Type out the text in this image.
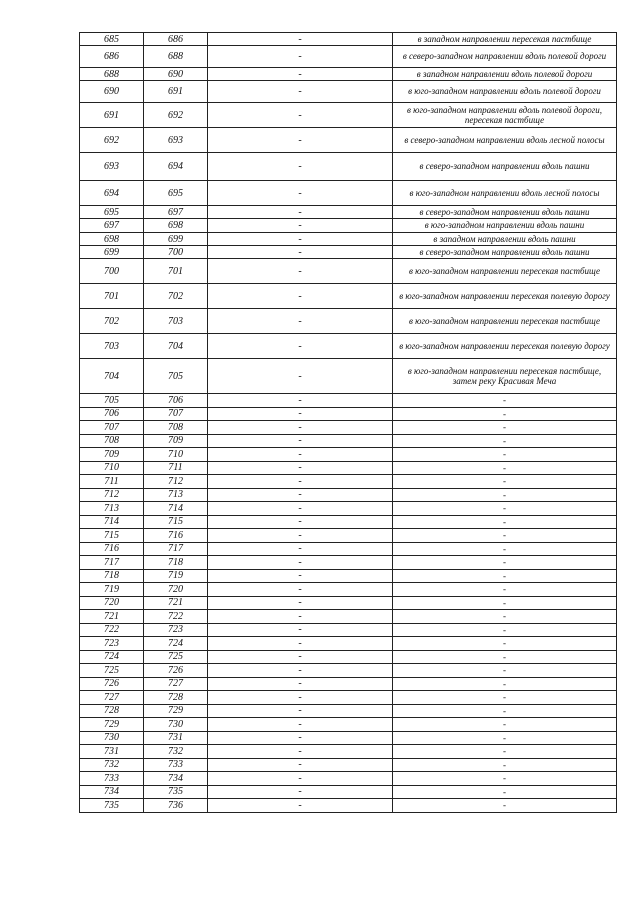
685	686	-	в западном направлении пересекая пастбище
686	688	-	в северо-западном направлении вдоль полевой дороги
688	690	-	в западном направлении вдоль полевой дороги
690	691	-	в юго-западном направлении вдоль полевой дороги
691	692	-	в юго-западном направлении вдоль полевой дороги, пересекая пастбище
692	693	-	в северо-западном направлении вдоль лесной полосы
693	694	-	в северо-западном направлении вдоль пашни
694	695	-	в юго-западном направлении вдоль лесной полосы
695	697	-	в северо-западном направлении вдоль пашни
697	698	-	в юго-западном направлении вдоль пашни
698	699	-	в западном направлении вдоль пашни
699	700	-	в северо-западном направлении вдоль пашни
700	701	-	в юго-западном направлении пересекая пастбище
701	702	-	в юго-западном направлении пересекая полевую дорогу
702	703	-	в юго-западном направлении пересекая пастбище
703	704	-	в юго-западном направлении пересекая полевую дорогу
704	705	-	в юго-западном направлении пересекая пастбище, затем реку Красивая Меча
705	706	-	-
706	707	-	-
707	708	-	-
708	709	-	-
709	710	-	-
710	711	-	-
711	712	-	-
712	713	-	-
713	714	-	-
714	715	-	-
715	716	-	-
716	717	-	-
717	718	-	-
718	719	-	-
719	720	-	-
720	721	-	-
721	722	-	-
722	723	-	-
723	724	-	-
724	725	-	-
725	726	-	-
726	727	-	-
727	728	-	-
728	729	-	-
729	730	-	-
730	731	-	-
731	732	-	-
732	733	-	-
733	734	-	-
734	735	-	-
735	736	-	-
